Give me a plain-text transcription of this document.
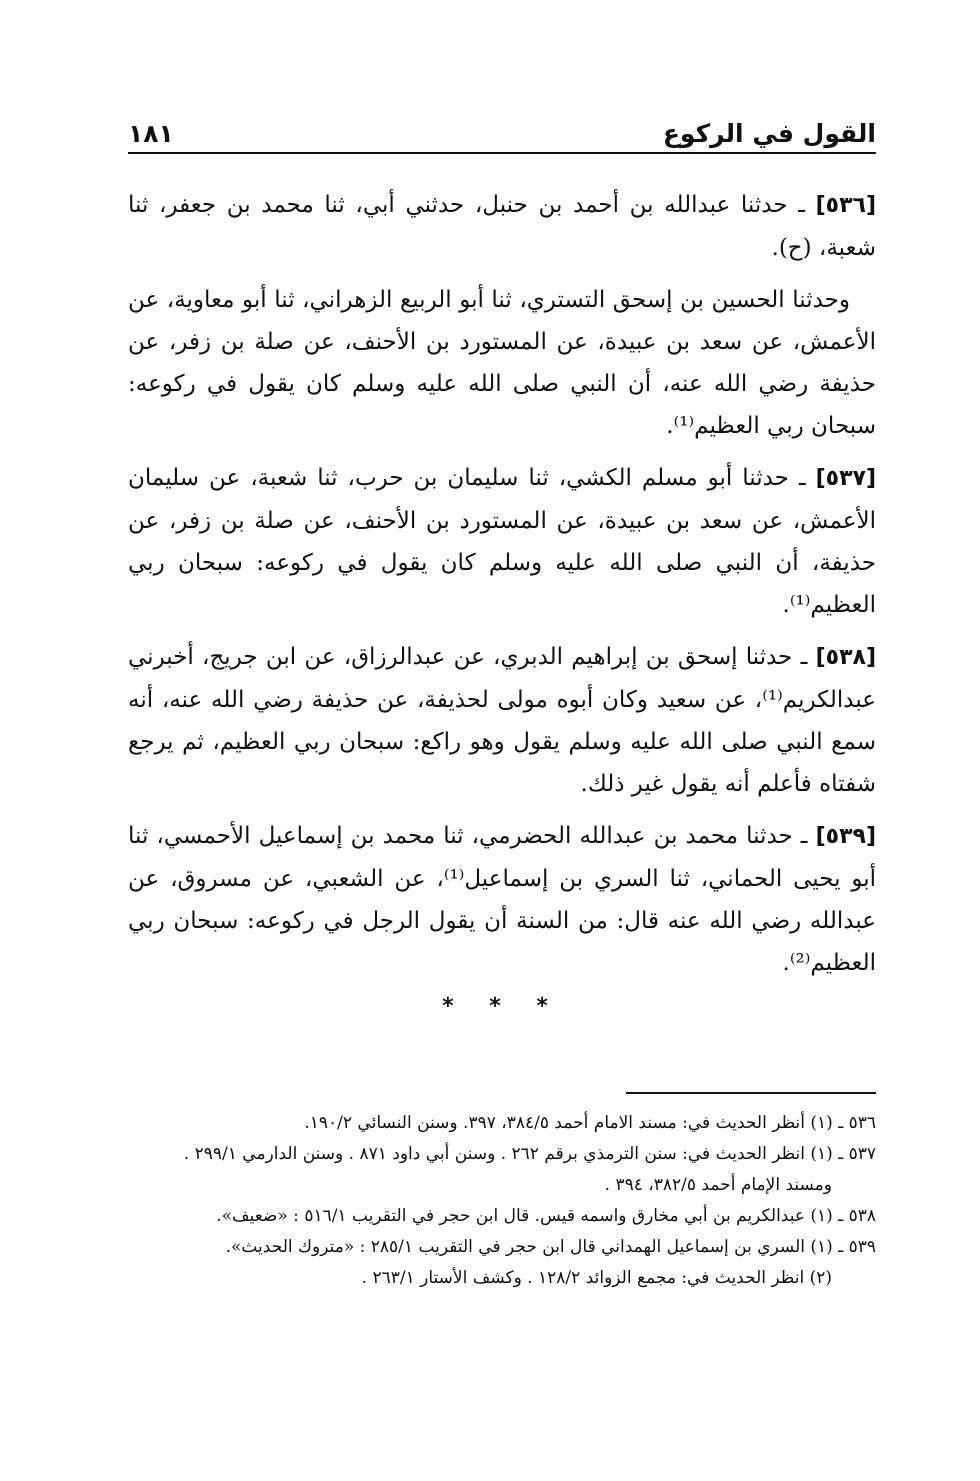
القول في الركوع
١٨١

[٥٣٦] ـ حدثنا عبدالله بن أحمد بن حنبل، حدثني أبي، ثنا محمد بن جعفر، ثنا شعبة، (ح).

وحدثنا الحسين بن إسحق التستري، ثنا أبو الربيع الزهراني، ثنا أبو معاوية، عن الأعمش، عن سعد بن عبيدة، عن المستورد بن الأحنف، عن صلة بن زفر، عن حذيفة رضي الله عنه، أن النبي صلى الله عليه وسلم كان يقول في ركوعه: سبحان ربي العظيم⁽¹⁾.

[٥٣٧] ـ حدثنا أبو مسلم الكشي، ثنا سليمان بن حرب، ثنا شعبة، عن سليمان الأعمش، عن سعد بن عبيدة، عن المستورد بن الأحنف، عن صلة بن زفر، عن حذيفة، أن النبي صلى الله عليه وسلم كان يقول في ركوعه: سبحان ربي العظيم⁽¹⁾.

[٥٣٨] ـ حدثنا إسحق بن إبراهيم الدبري، عن عبدالرزاق، عن ابن جريج، أخبرني عبدالكريم⁽¹⁾، عن سعيد وكان أبوه مولى لحذيفة، عن حذيفة رضي الله عنه، أنه سمع النبي صلى الله عليه وسلم يقول وهو راكع: سبحان ربي العظيم، ثم يرجع شفتاه فأعلم أنه يقول غير ذلك.

[٥٣٩] ـ حدثنا محمد بن عبدالله الحضرمي، ثنا محمد بن إسماعيل الأحمسي، ثنا أبو يحيى الحماني، ثنا السري بن إسماعيل⁽¹⁾، عن الشعبي، عن مسروق، عن عبدالله رضي الله عنه قال: من السنة أن يقول الرجل في ركوعه: سبحان ربي العظيم⁽²⁾.

* * *

٥٣٦ ـ (١) أنظر الحديث في: مسند الامام أحمد ٣٨٤/٥، ٣٩٧. وسنن النسائي ١٩٠/٢.

٥٣٧ ـ (١) انظر الحديث في: سنن الترمذي برقم ٢٦٢ . وسنن أبي داود ٨٧١ . وسنن الدارمي ٢٩٩/١ .

ومسند الإمام أحمد ٣٨٢/٥، ٣٩٤ .

٥٣٨ ـ (١) عبدالكريم بن أبي مخارق واسمه قيس. قال ابن حجر في التقريب ٥١٦/١ : «ضعيف».

٥٣٩ ـ (١) السري بن إسماعيل الهمداني قال ابن حجر في التقريب ٢٨٥/١ : «متروك الحديث».

(٢) انظر الحديث في: مجمع الزوائد ١٢٨/٢ . وكشف الأستار ٢٦٣/١ .
